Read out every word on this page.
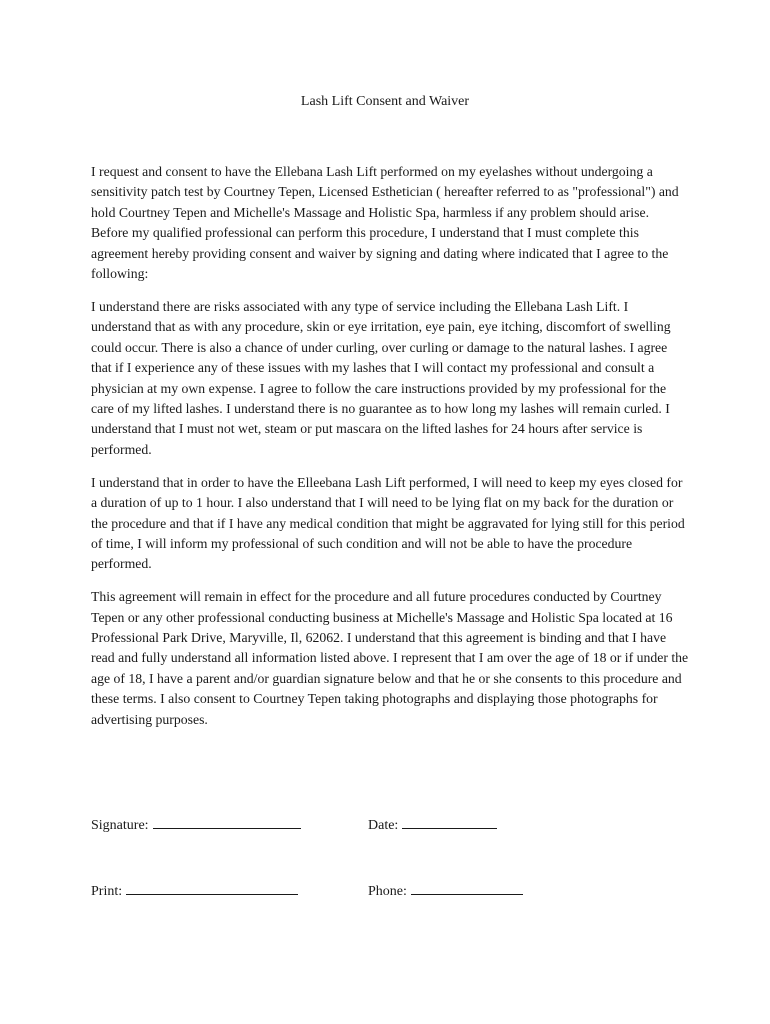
Lash Lift Consent and Waiver

I request and consent to have the Ellebana Lash Lift performed on my eyelashes without undergoing a sensitivity patch test by Courtney Tepen, Licensed Esthetician ( hereafter referred to as "professional") and hold Courtney Tepen and Michelle's Massage and Holistic Spa, harmless if any problem should arise. Before my qualified professional can perform this procedure, I understand that I must complete this agreement hereby providing consent and waiver by signing and dating where indicated that I agree to the following:

I understand there are risks associated with any type of service including the Ellebana Lash Lift. I understand that as with any procedure, skin or eye irritation, eye pain, eye itching, discomfort of swelling could occur. There is also a chance of under curling, over curling or damage to the natural lashes. I agree that if I experience any of these issues with my lashes that I will contact my professional and consult a physician at my own expense. I agree to follow the care instructions provided by my professional for the care of my lifted lashes. I understand there is no guarantee as to how long my lashes will remain curled. I understand that I must not wet, steam or put mascara on the lifted lashes for 24 hours after service is performed.

I understand that in order to have the Elleebana Lash Lift performed, I will need to keep my eyes closed for a duration of up to 1 hour. I also understand that I will need to be lying flat on my back for the duration or the procedure and that if I have any medical condition that might be aggravated for lying still for this period of time, I will inform my professional of such condition and will not be able to have the procedure performed.

This agreement will remain in effect for the procedure and all future procedures conducted by Courtney Tepen or any other professional conducting business at Michelle's Massage and Holistic Spa located at 16 Professional Park Drive, Maryville, Il, 62062. I understand that this agreement is binding and that I have read and fully understand all information listed above. I represent that I am over the age of 18 or if under the age of 18, I have a parent and/or guardian signature below and that he or she consents to this procedure and these terms. I also consent to Courtney Tepen taking photographs and displaying those photographs for advertising purposes.

Signature:	Date:
Print:	Phone:
